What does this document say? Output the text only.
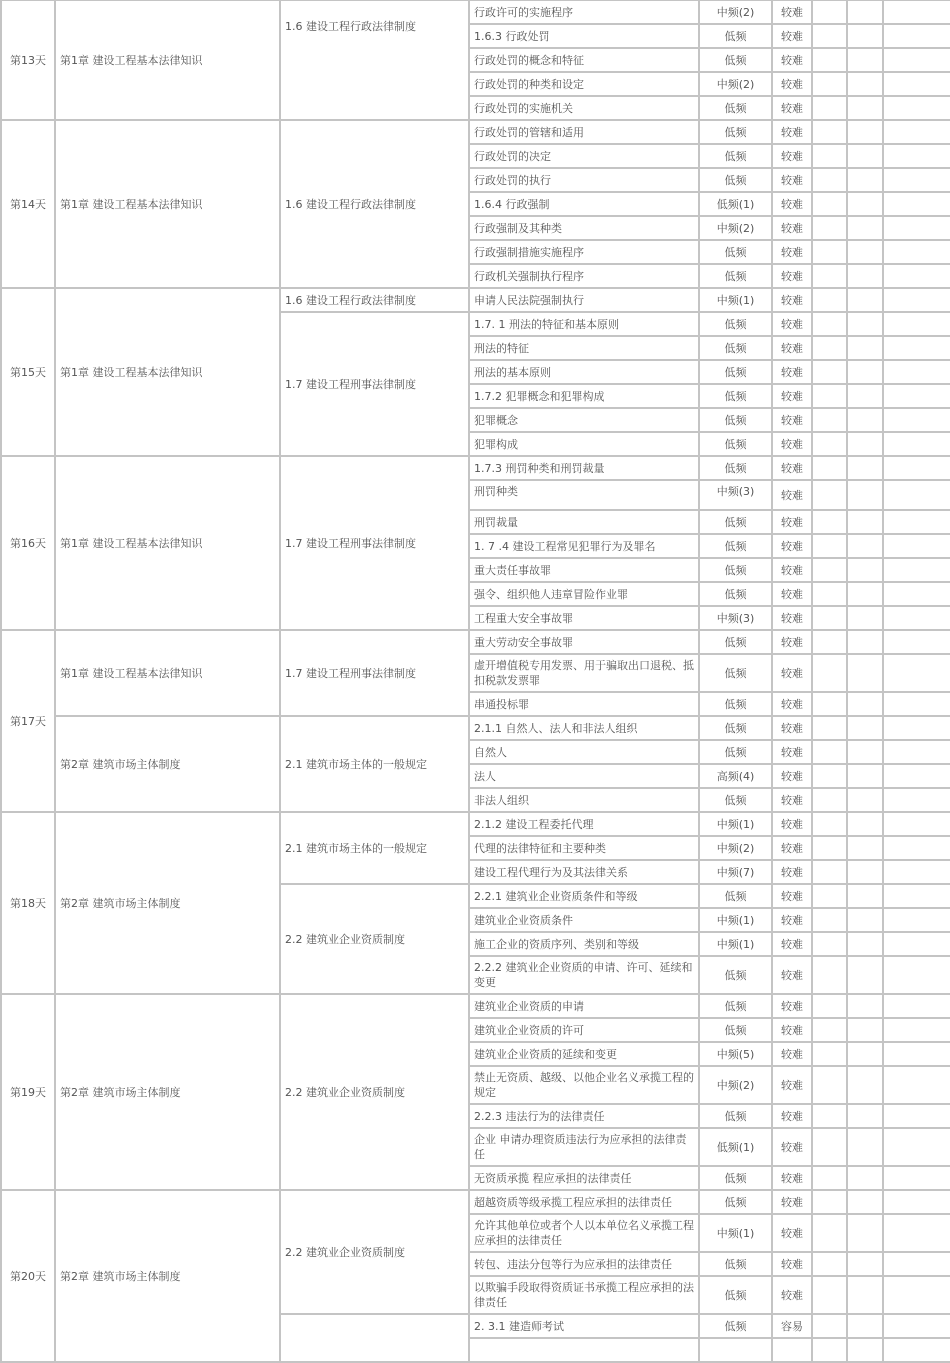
第13天	第1章 建设工程基本法律知识	1.6 建设工程行政法律制度	行政许可的实施程序	中频(2)	较难			
			1.6.3 行政处罚	低频	较难			
			行政处罚的概念和特征	低频	较难			
			行政处罚的种类和设定	中频(2)	较难			
			行政处罚的实施机关	低频	较难			
第14天	第1章 建设工程基本法律知识	1.6 建设工程行政法律制度	行政处罚的管辖和适用	低频	较难			
			行政处罚的决定	低频	较难			
			行政处罚的执行	低频	较难			
			1.6.4 行政强制	低频(1)	较难			
			行政强制及其种类	中频(2)	较难			
			行政强制措施实施程序	低频	较难			
			行政机关强制执行程序	低频	较难			
第15天	第1章 建设工程基本法律知识	1.6 建设工程行政法律制度	申请人民法院强制执行	中频(1)	较难			
		1.7 建设工程刑事法律制度	1.7. 1 刑法的特征和基本原则	低频	较难			
			刑法的特征	低频	较难			
			刑法的基本原则	低频	较难			
			1.7.2 犯罪概念和犯罪构成	低频	较难			
			犯罪概念	低频	较难			
			犯罪构成	低频	较难			
第16天	第1章 建设工程基本法律知识	1.7 建设工程刑事法律制度	1.7.3 刑罚种类和刑罚裁量	低频	较难			
			刑罚种类	中频(3)	较难			
			刑罚裁量	低频	较难			
			1. 7 .4 建设工程常见犯罪行为及罪名	低频	较难			
			重大责任事故罪	低频	较难			
			强令、组织他人违章冒险作业罪	低频	较难			
			工程重大安全事故罪	中频(3)	较难			
第17天	第1章 建设工程基本法律知识	1.7 建设工程刑事法律制度	重大劳动安全事故罪	低频	较难			
			虚开增值税专用发票、用于骗取出口退税、抵扣税款发票罪	低频	较难			
			串通投标罪	低频	较难			
	第2章 建筑市场主体制度	2.1 建筑市场主体的一般规定	2.1.1 自然人、法人和非法人组织	低频	较难			
			自然人	低频	较难			
			法人	高频(4)	较难			
			非法人组织	低频	较难			
第18天	第2章 建筑市场主体制度	2.1 建筑市场主体的一般规定	2.1.2 建设工程委托代理	中频(1)	较难			
			代理的法律特征和主要种类	中频(2)	较难			
			建设工程代理行为及其法律关系	中频(7)	较难			
		2.2 建筑业企业资质制度	2.2.1 建筑业企业资质条件和等级	低频	较难			
			建筑业企业资质条件	中频(1)	较难			
			施工企业的资质序列、类别和等级	中频(1)	较难			
			2.2.2 建筑业企业资质的申请、许可、延续和变更	低频	较难			
第19天	第2章 建筑市场主体制度	2.2 建筑业企业资质制度	建筑业企业资质的申请	低频	较难			
			建筑业企业资质的许可	低频	较难			
			建筑业企业资质的延续和变更	中频(5)	较难			
			禁止无资质、越级、以他企业名义承揽工程的规定	中频(2)	较难			
			2.2.3 违法行为的法律责任	低频	较难			
			企业 申请办理资质违法行为应承担的法律责任	低频(1)	较难			
			无资质承揽 程应承担的法律责任	低频	较难			
第20天	第2章 建筑市场主体制度	2.2 建筑业企业资质制度	超越资质等级承揽工程应承担的法律责任	低频	较难			
			允许其他单位或者个人以本单位名义承揽工程应承担的法律责任	中频(1)	较难			
			转包、违法分包等行为应承担的法律责任	低频	较难			
			以欺骗手段取得资质证书承揽工程应承担的法律责任	低频	较难			
			2. 3.1 建造师考试	低频	容易			
